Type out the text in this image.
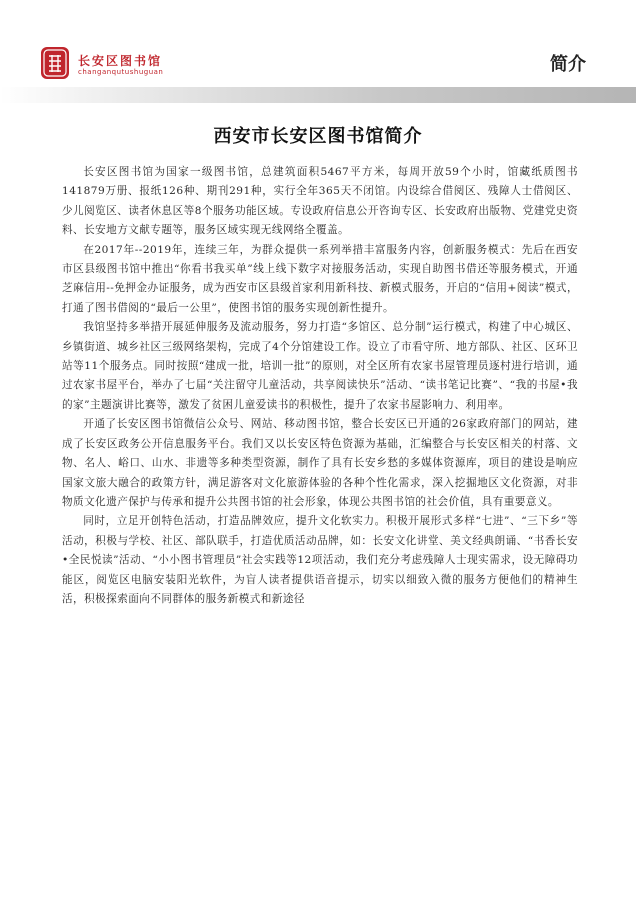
长安区图书馆
changanqutushuguan	简介
西安市长安区图书馆简介

长安区图书馆为国家一级图书馆，总建筑面积5467平方米，每周开放59个小时，馆藏纸质图书141879万册、报纸126种、期刊291种，实行全年365天不闭馆。内设综合借阅区、残障人士借阅区、少儿阅览区、读者休息区等8个服务功能区域。专设政府信息公开咨询专区、长安政府出版物、党建党史资料、长安地方文献专题等，服务区域实现无线网络全覆盖。

在2017年--2019年，连续三年，为群众提供一系列举措丰富服务内容，创新服务模式：先后在西安市区县级图书馆中推出“你看书我买单”线上线下数字对接服务活动，实现自助图书借还等服务模式，开通芝麻信用--免押金办证服务，成为西安市区县级首家利用新科技、新模式服务，开启的“信用+阅读”模式，打通了图书借阅的“最后一公里”，使图书馆的服务实现创新性提升。

我馆坚持多举措开展延伸服务及流动服务，努力打造“多馆区、总分制”运行模式，构建了中心城区、乡镇街道、城乡社区三级网络架构，完成了4个分馆建设工作。设立了市看守所、地方部队、社区、区环卫站等11个服务点。同时按照“建成一批，培训一批”的原则，对全区所有农家书屋管理员逐村进行培训，通过农家书屋平台，举办了七届“关注留守儿童活动，共享阅读快乐”活动、“读书笔记比赛”、“我的书屋•我的家”主题演讲比赛等，激发了贫困儿童爱读书的积极性，提升了农家书屋影响力、利用率。

开通了长安区图书馆微信公众号、网站、移动图书馆，整合长安区已开通的26家政府部门的网站，建成了长安区政务公开信息服务平台。我们又以长安区特色资源为基础，汇编整合与长安区相关的村落、文物、名人、峪口、山水、非遗等多种类型资源，制作了具有长安乡愁的多媒体资源库，项目的建设是响应国家文旅大融合的政策方针，满足游客对文化旅游体验的各种个性化需求，深入挖掘地区文化资源，对非物质文化遗产保护与传承和提升公共图书馆的社会形象，体现公共图书馆的社会价值，具有重要意义。

同时，立足开创特色活动，打造品牌效应，提升文化软实力。积极开展形式多样“七进”、“三下乡”等活动，积极与学校、社区、部队联手，打造优质活动品牌，如：长安文化讲堂、美文经典朗诵、“书香长安•全民悦读”活动、“小小图书管理员”社会实践等12项活动，我们充分考虑残障人士现实需求，设无障碍功能区，阅览区电脑安装阳光软件，为盲人读者提供语音提示，切实以细致入微的服务方便他们的精神生活，积极探索面向不同群体的服务新模式和新途径
